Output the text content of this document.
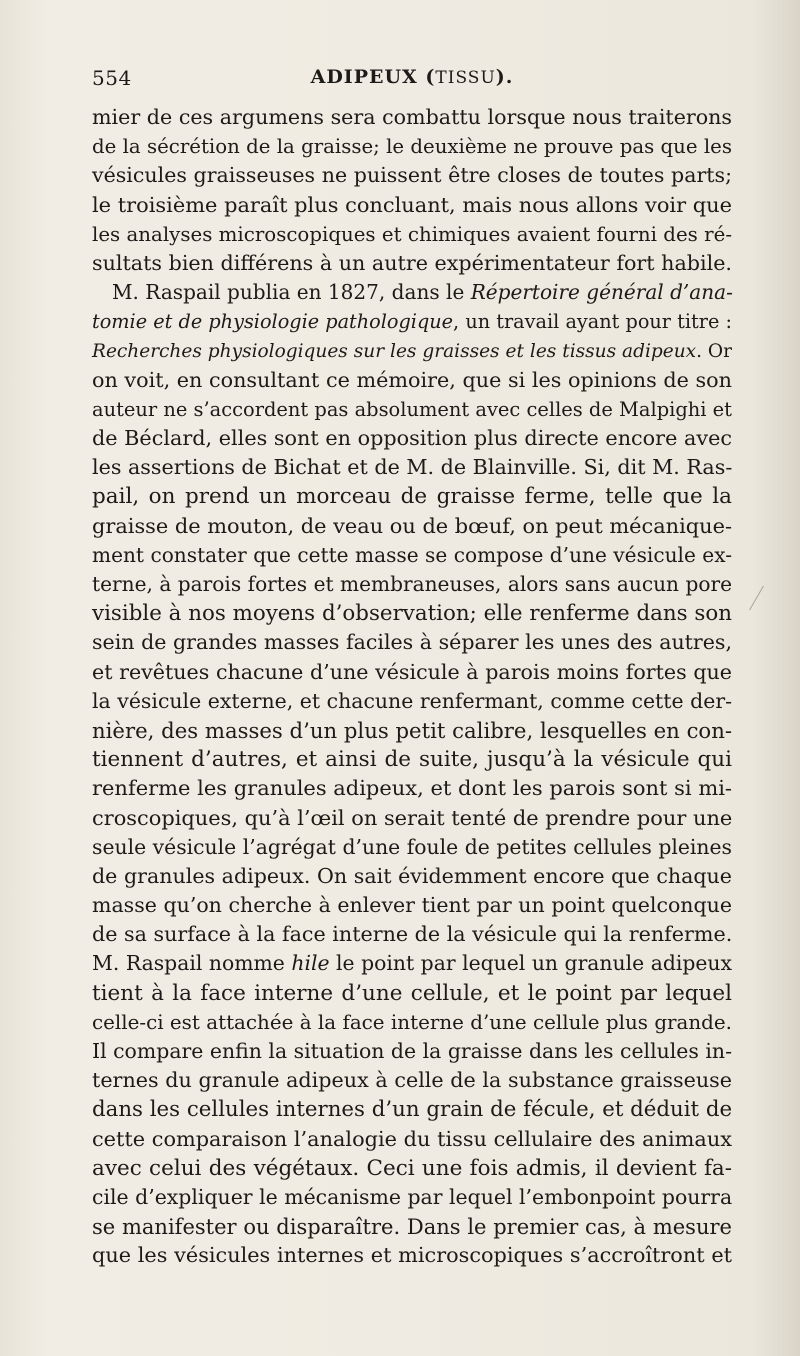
554	ADIPEUX (TISSU).
mier de ces argumens sera combattu lorsque nous traiterons
de la sécrétion de la graisse; le deuxième ne prouve pas que les
vésicules graisseuses ne puissent être closes de toutes parts;
le troisième paraît plus concluant, mais nous allons voir que
les analyses microscopiques et chimiques avaient fourni des ré-
sultats bien différens à un autre expérimentateur fort habile.
M. Raspail publia en 1827, dans le Répertoire général d’ana-
tomie et de physiologie pathologique, un travail ayant pour titre :
Recherches physiologiques sur les graisses et les tissus adipeux. Or
on voit, en consultant ce mémoire, que si les opinions de son
auteur ne s’accordent pas absolument avec celles de Malpighi et
de Béclard, elles sont en opposition plus directe encore avec
les assertions de Bichat et de M. de Blainville. Si, dit M. Ras-
pail, on prend un morceau de graisse ferme, telle que la
graisse de mouton, de veau ou de bœuf, on peut mécanique-
ment constater que cette masse se compose d’une vésicule ex-
terne, à parois fortes et membraneuses, alors sans aucun pore
visible à nos moyens d’observation; elle renferme dans son
sein de grandes masses faciles à séparer les unes des autres,
et revêtues chacune d’une vésicule à parois moins fortes que
la vésicule externe, et chacune renfermant, comme cette der-
nière, des masses d’un plus petit calibre, lesquelles en con-
tiennent d’autres, et ainsi de suite, jusqu’à la vésicule qui
renferme les granules adipeux, et dont les parois sont si mi-
croscopiques, qu’à l’œil on serait tenté de prendre pour une
seule vésicule l’agrégat d’une foule de petites cellules pleines
de granules adipeux. On sait évidemment encore que chaque
masse qu’on cherche à enlever tient par un point quelconque
de sa surface à la face interne de la vésicule qui la renferme.
M. Raspail nomme hile le point par lequel un granule adipeux
tient à la face interne d’une cellule, et le point par lequel
celle-ci est attachée à la face interne d’une cellule plus grande.
Il compare enfin la situation de la graisse dans les cellules in-
ternes du granule adipeux à celle de la substance graisseuse
dans les cellules internes d’un grain de fécule, et déduit de
cette comparaison l’analogie du tissu cellulaire des animaux
avec celui des végétaux. Ceci une fois admis, il devient fa-
cile d’expliquer le mécanisme par lequel l’embonpoint pourra
se manifester ou disparaître. Dans le premier cas, à mesure
que les vésicules internes et microscopiques s’accroîtront et
